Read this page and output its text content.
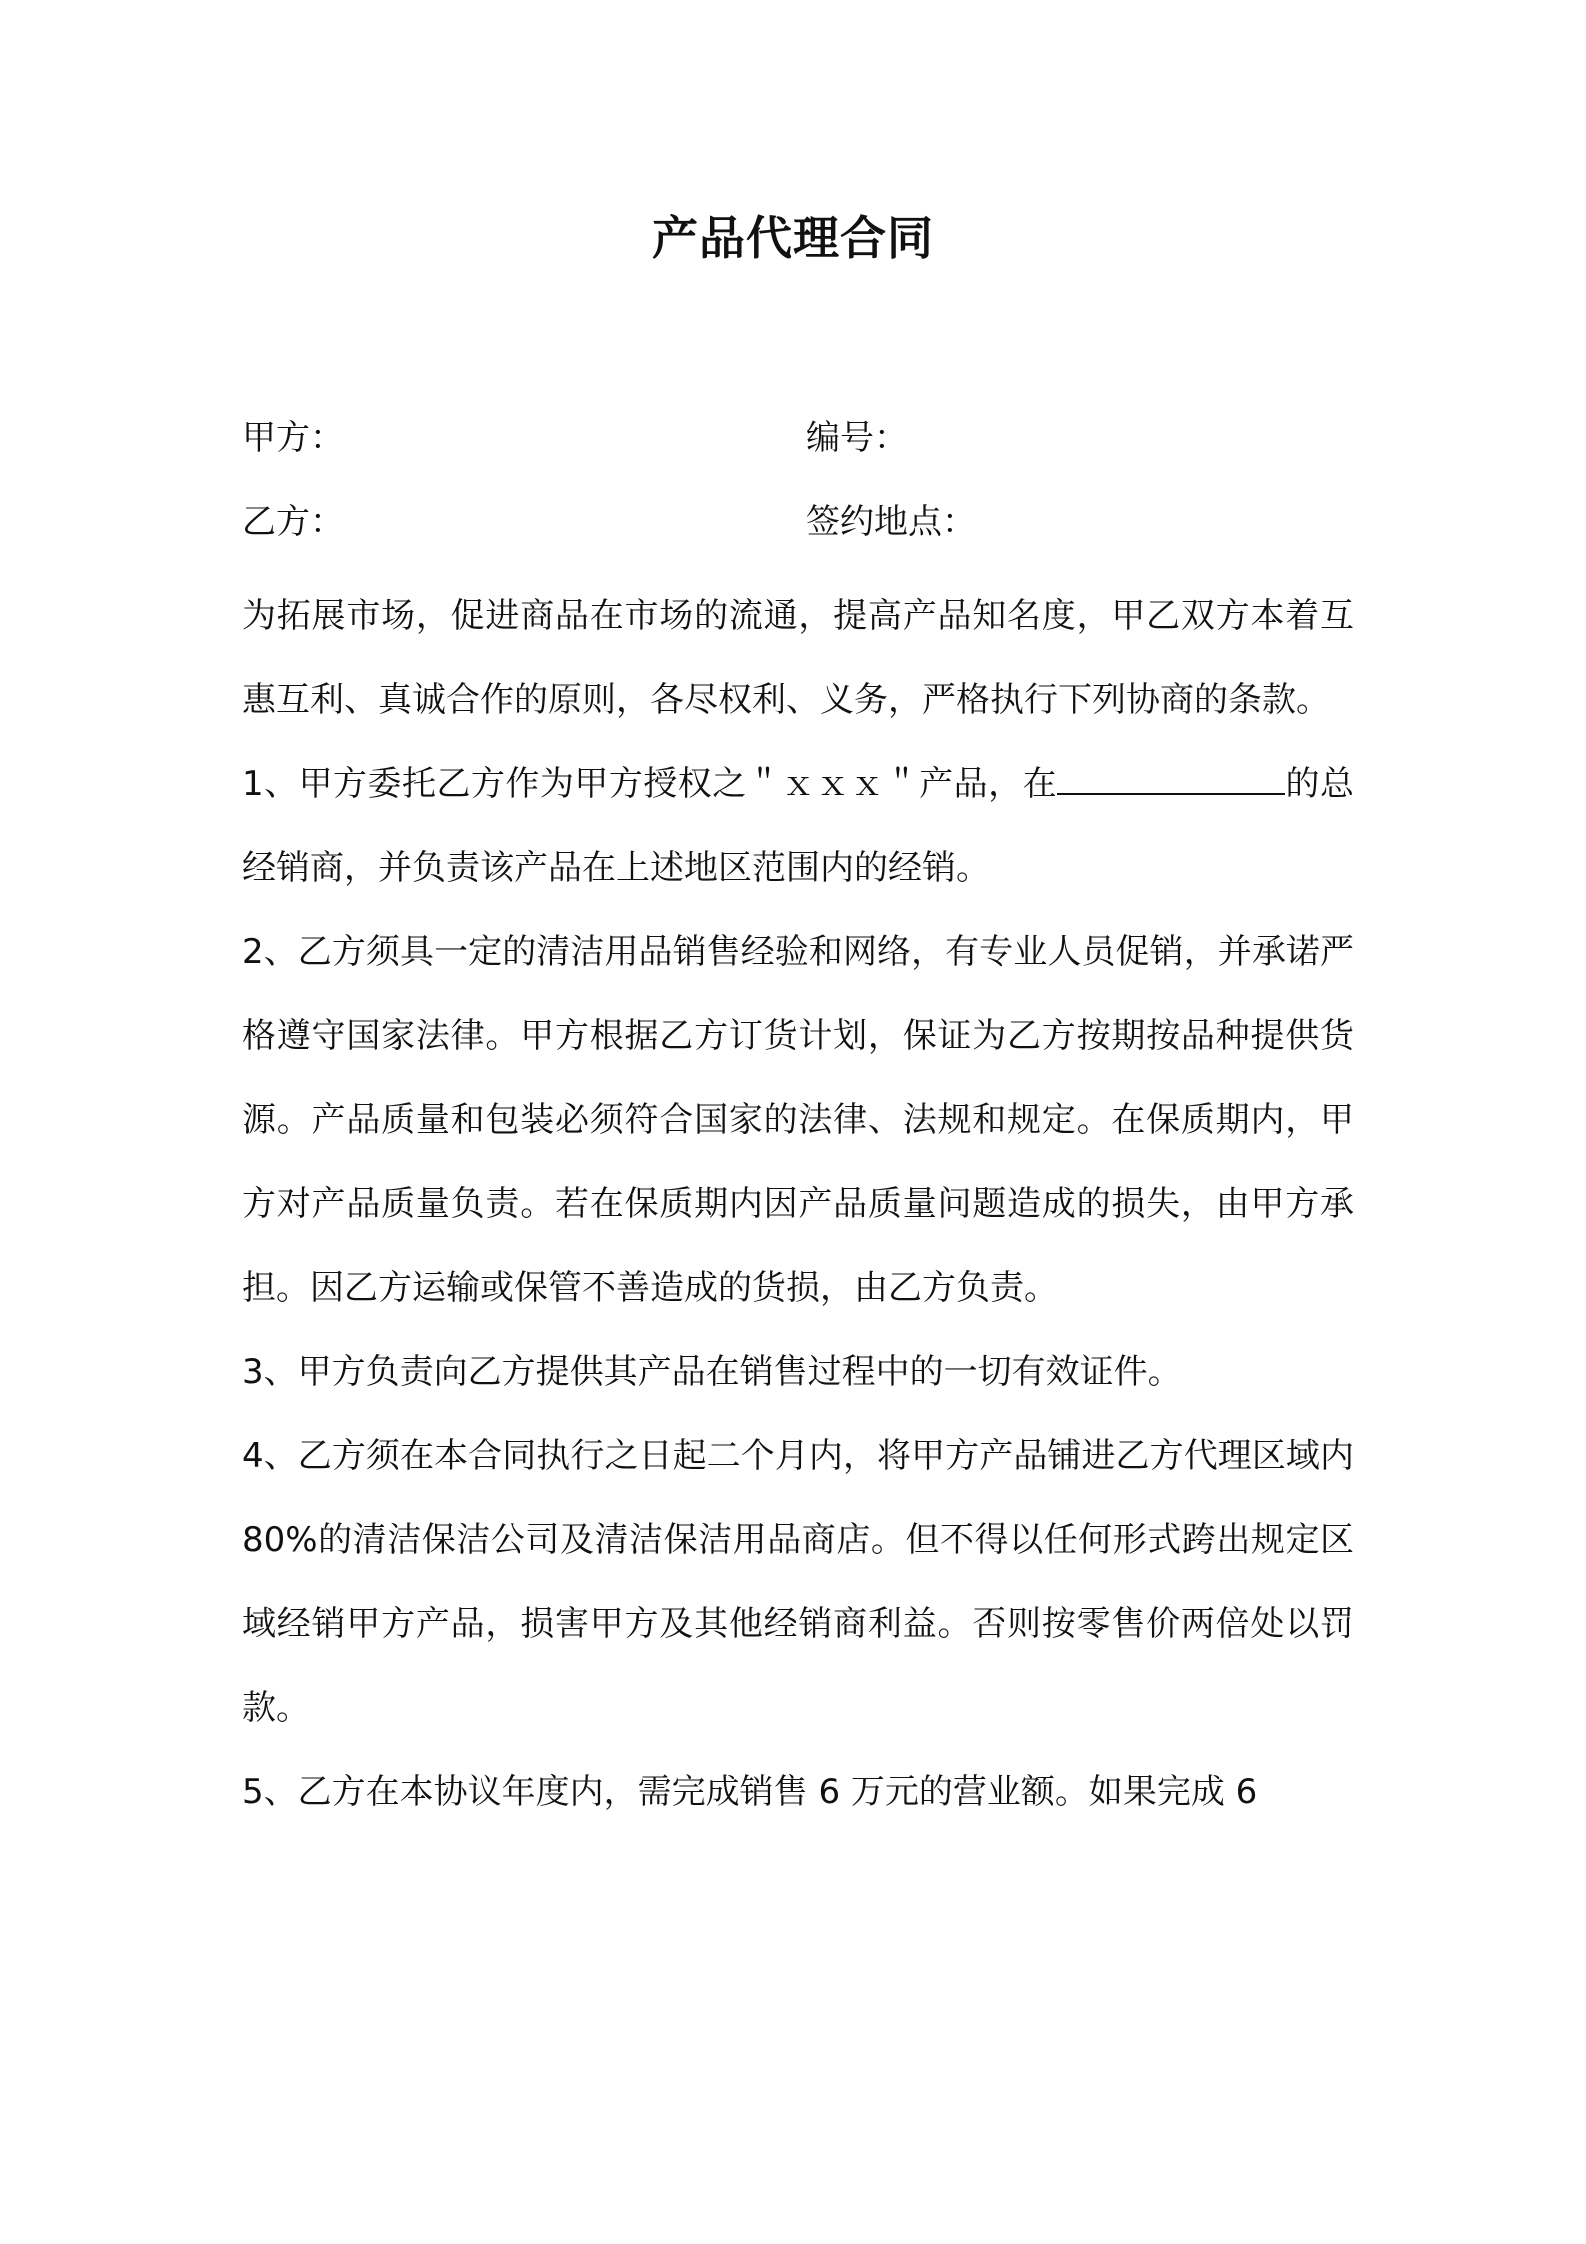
产品代理合同
甲方：	编号：
乙方：	签约地点：

为拓展市场，促进商品在市场的流通，提高产品知名度，甲乙双方本着互惠互利、真诚合作的原则，各尽权利、义务，严格执行下列协商的条款。

1、甲方委托乙方作为甲方授权之＂ｘｘｘ＂产品，在	的总经销商，并负责该产品在上述地区范围内的经销。

2、乙方须具一定的清洁用品销售经验和网络，有专业人员促销，并承诺严格遵守国家法律。甲方根据乙方订货计划，保证为乙方按期按品种提供货源。产品质量和包装必须符合国家的法律、法规和规定。在保质期内，甲方对产品质量负责。若在保质期内因产品质量问题造成的损失，由甲方承担。因乙方运输或保管不善造成的货损，由乙方负责。

3、甲方负责向乙方提供其产品在销售过程中的一切有效证件。

4、乙方须在本合同执行之日起二个月内，将甲方产品铺进乙方代理区域内 80%的清洁保洁公司及清洁保洁用品商店。但不得以任何形式跨出规定区域经销甲方产品，损害甲方及其他经销商利益。否则按零售价两倍处以罚款。

5、乙方在本协议年度内，需完成销售 6 万元的营业额。如果完成 6
